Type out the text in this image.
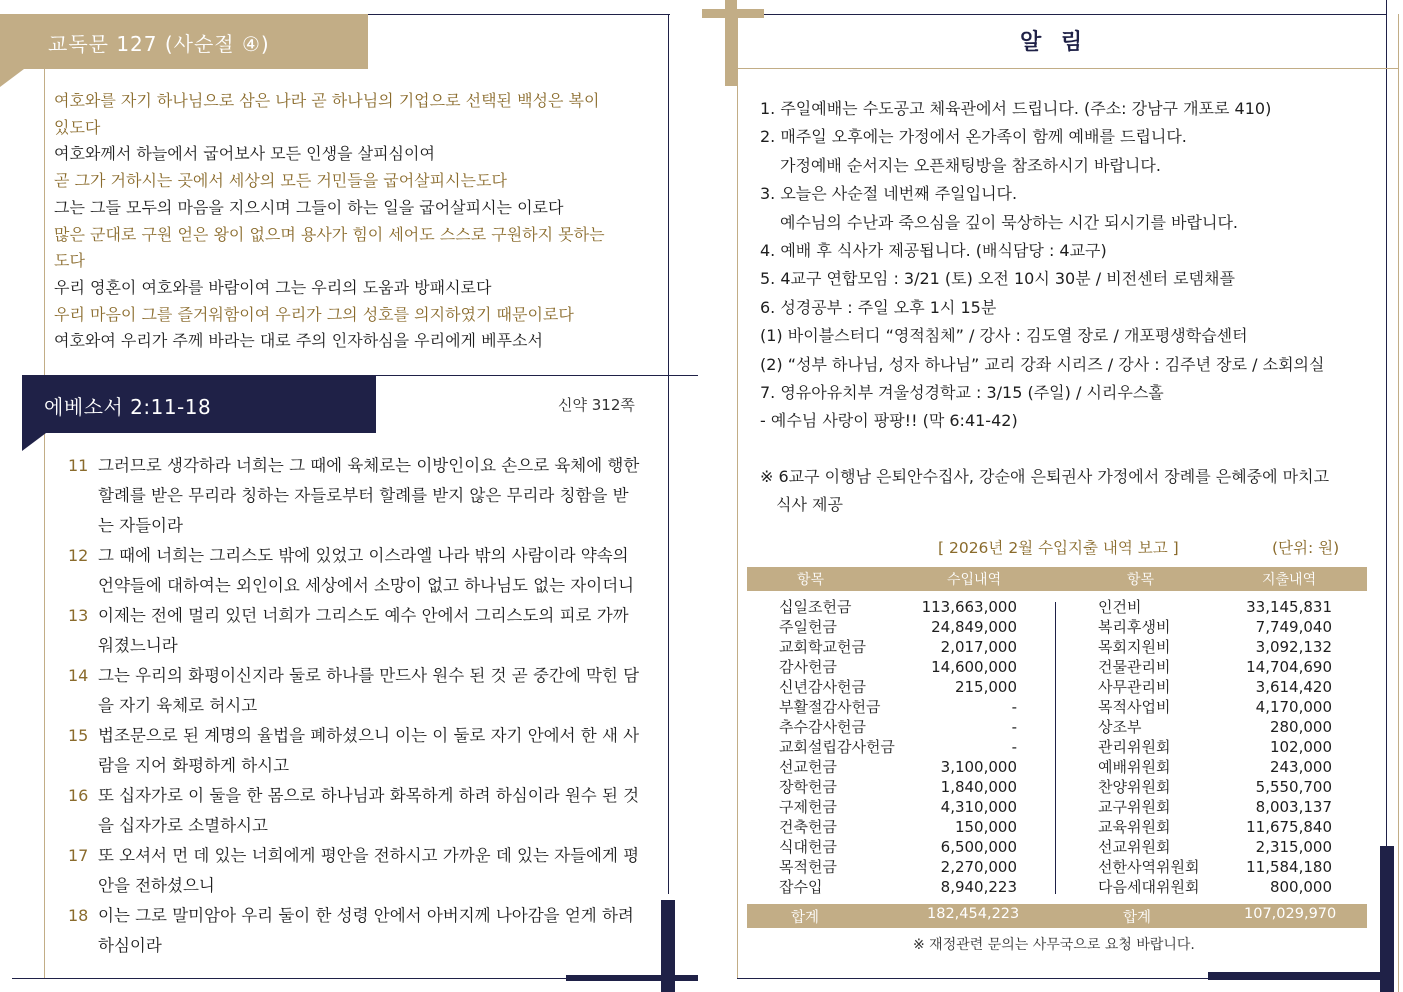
교독문 127 (사순절 ④)
여호와를 자기 하나님으로 삼은 나라 곧 하나님의 기업으로 선택된 백성은 복이
있도다
여호와께서 하늘에서 굽어보사 모든 인생을 살피심이여
곧 그가 거하시는 곳에서 세상의 모든 거민들을 굽어살피시는도다
그는 그들 모두의 마음을 지으시며 그들이 하는 일을 굽어살피시는 이로다
많은 군대로 구원 얻은 왕이 없으며 용사가 힘이 세어도 스스로 구원하지 못하는
도다
우리 영혼이 여호와를 바람이여 그는 우리의 도움과 방패시로다
우리 마음이 그를 즐거워함이여 우리가 그의 성호를 의지하였기 때문이로다
여호와여 우리가 주께 바라는 대로 주의 인자하심을 우리에게 베푸소서
에베소서 2:11-18	신약 312쪽
11 그러므로 생각하라 너희는 그 때에 육체로는 이방인이요 손으로 육체에 행한
할례를 받은 무리라 칭하는 자들로부터 할례를 받지 않은 무리라 칭함을 받
는 자들이라
12 그 때에 너희는 그리스도 밖에 있었고 이스라엘 나라 밖의 사람이라 약속의
언약들에 대하여는 외인이요 세상에서 소망이 없고 하나님도 없는 자이더니
13 이제는 전에 멀리 있던 너희가 그리스도 예수 안에서 그리스도의 피로 가까
워졌느니라
14 그는 우리의 화평이신지라 둘로 하나를 만드사 원수 된 것 곧 중간에 막힌 담
을 자기 육체로 허시고
15 법조문으로 된 계명의 율법을 폐하셨으니 이는 이 둘로 자기 안에서 한 새 사
람을 지어 화평하게 하시고
16 또 십자가로 이 둘을 한 몸으로 하나님과 화목하게 하려 하심이라 원수 된 것
을 십자가로 소멸하시고
17 또 오셔서 먼 데 있는 너희에게 평안을 전하시고 가까운 데 있는 자들에게 평
안을 전하셨으니
18 이는 그로 말미암아 우리 둘이 한 성령 안에서 아버지께 나아감을 얻게 하려
하심이라
알 림
1. 주일예배는 수도공고 체육관에서 드립니다. (주소: 강남구 개포로 410)
2. 매주일 오후에는 가정에서 온가족이 함께 예배를 드립니다.
가정예배 순서지는 오픈채팅방을 참조하시기 바랍니다.
3. 오늘은 사순절 네번째 주일입니다.
예수님의 수난과 죽으심을 깊이 묵상하는 시간 되시기를 바랍니다.
4. 예배 후 식사가 제공됩니다. (배식담당 : 4교구)
5. 4교구 연합모임 : 3/21 (토) 오전 10시 30분 / 비전센터 로뎀채플
6. 성경공부 : 주일 오후 1시 15분
(1) 바이블스터디 “영적침체” / 강사 : 김도열 장로 / 개포평생학습센터
(2) “성부 하나님, 성자 하나님” 교리 강좌 시리즈 / 강사 : 김주년 장로 / 소회의실
7. 영유아유치부 겨울성경학교 : 3/15 (주일) / 시리우스홀
- 예수님 사랑이 팡팡!! (막 6:41-42)
※ 6교구 이행남 은퇴안수집사, 강순애 은퇴권사 가정에서 장례를 은혜중에 마치고
식사 제공
[ 2026년 2월 수입지출 내역 보고 ]	(단위: 원)
항목	수입내역	항목	지출내역
십일조헌금	113,663,000	인건비	33,145,831
주일헌금	24,849,000	복리후생비	7,749,040
교회학교헌금	2,017,000	목회지원비	3,092,132
감사헌금	14,600,000	건물관리비	14,704,690
신년감사헌금	215,000	사무관리비	3,614,420
부활절감사헌금	-	목적사업비	4,170,000
추수감사헌금	-	상조부	280,000
교회설립감사헌금	-	관리위원회	102,000
선교헌금	3,100,000	예배위원회	243,000
장학헌금	1,840,000	찬양위원회	5,550,700
구제헌금	4,310,000	교구위원회	8,003,137
건축헌금	150,000	교육위원회	11,675,840
식대헌금	6,500,000	선교위원회	2,315,000
목적헌금	2,270,000	선한사역위원회	11,584,180
잡수입	8,940,223	다음세대위원회	800,000
합계	182,454,223	합계	107,029,970
※ 재정관련 문의는 사무국으로 요청 바랍니다.
